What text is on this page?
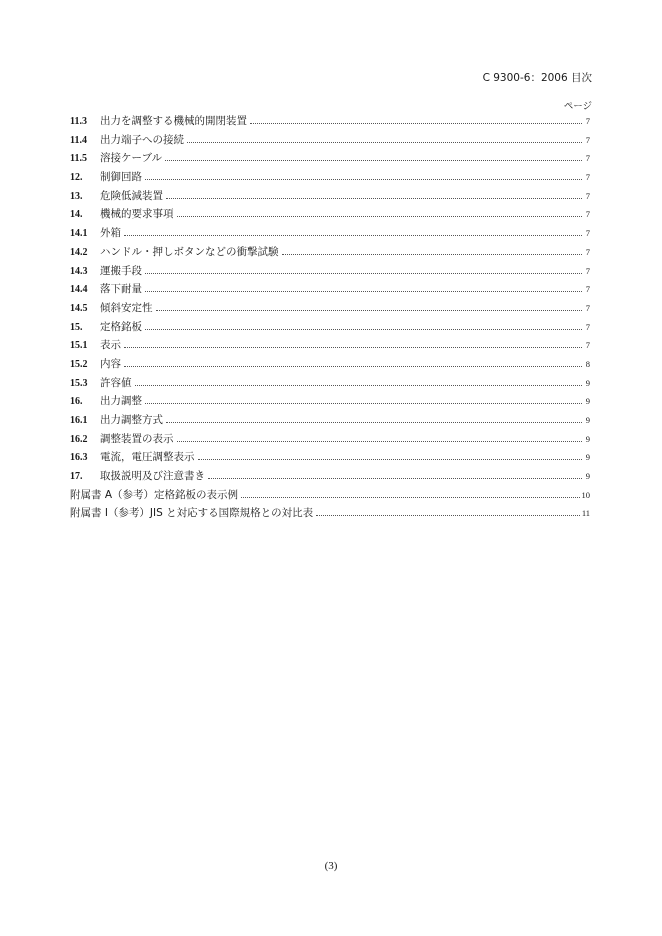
C 9300-6：2006 目次
ページ
11.3	出力を調整する機械的開閉装置	7
11.4	出力端子への接続	7
11.5	溶接ケーブル	7
12.	制御回路	7
13.	危険低減装置	7
14.	機械的要求事項	7
14.1	外箱	7
14.2	ハンドル・押しボタンなどの衝撃試験	7
14.3	運搬手段	7
14.4	落下耐量	7
14.5	傾斜安定性	7
15.	定格銘板	7
15.1	表示	7
15.2	内容	8
15.3	許容値	9
16.	出力調整	9
16.1	出力調整方式	9
16.2	調整装置の表示	9
16.3	電流，電圧調整表示	9
17.	取扱説明及び注意書き	9
附属書 A（参考）定格銘板の表示例	10
附属書 I（参考）JIS と対応する国際規格との対比表	11
(3)
